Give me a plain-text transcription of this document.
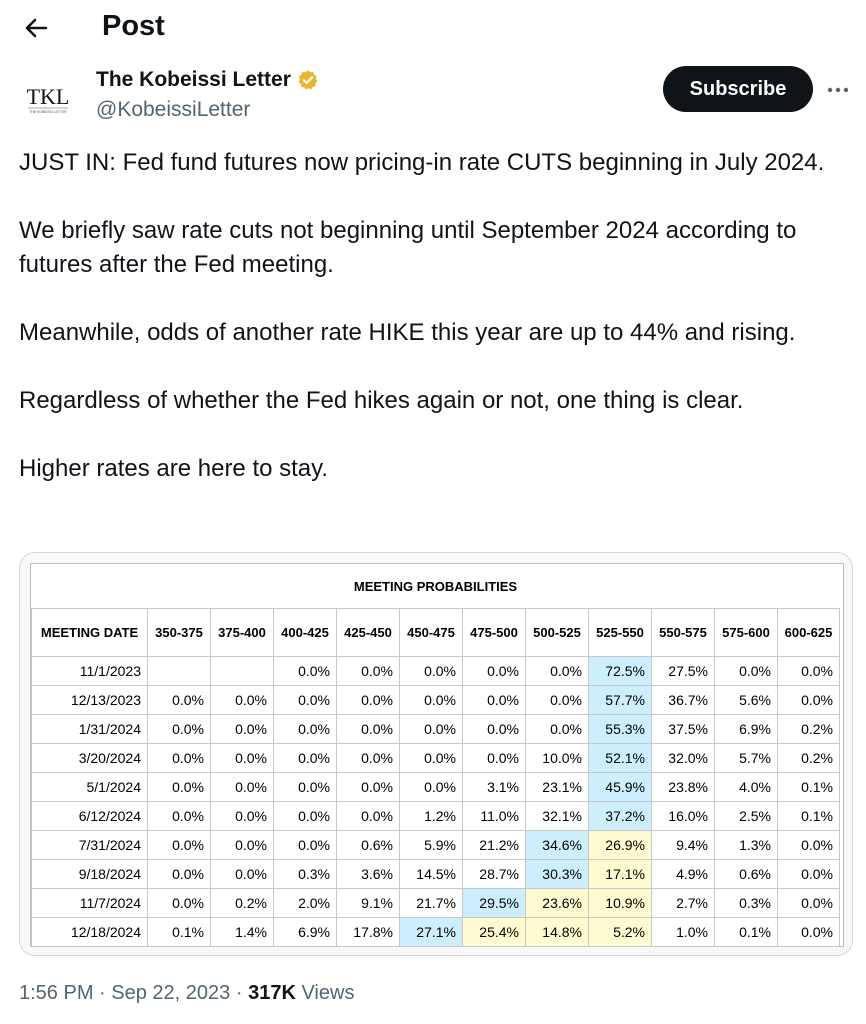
Post
TKL
THE KOBEISSI LETTER
The Kobeissi Letter
@KobeissiLetter
Subscribe

JUST IN: Fed fund futures now pricing-in rate CUTS beginning in July 2024.

We briefly saw rate cuts not beginning until September 2024 according to futures after the Fed meeting.

Meanwhile, odds of another rate HIKE this year are up to 44% and rising.

Regardless of whether the Fed hikes again or not, one thing is clear.

Higher rates are here to stay.

MEETING PROBABILITIES											
MEETING DATE	350-375	375-400	400-425	425-450	450-475	475-500	500-525	525-550	550-575	575-600	600-625
11/1/2023			0.0%	0.0%	0.0%	0.0%	0.0%	72.5%	27.5%	0.0%	0.0%
12/13/2023	0.0%	0.0%	0.0%	0.0%	0.0%	0.0%	0.0%	57.7%	36.7%	5.6%	0.0%
1/31/2024	0.0%	0.0%	0.0%	0.0%	0.0%	0.0%	0.0%	55.3%	37.5%	6.9%	0.2%
3/20/2024	0.0%	0.0%	0.0%	0.0%	0.0%	0.0%	10.0%	52.1%	32.0%	5.7%	0.2%
5/1/2024	0.0%	0.0%	0.0%	0.0%	0.0%	3.1%	23.1%	45.9%	23.8%	4.0%	0.1%
6/12/2024	0.0%	0.0%	0.0%	0.0%	1.2%	11.0%	32.1%	37.2%	16.0%	2.5%	0.1%
7/31/2024	0.0%	0.0%	0.0%	0.6%	5.9%	21.2%	34.6%	26.9%	9.4%	1.3%	0.0%
9/18/2024	0.0%	0.0%	0.3%	3.6%	14.5%	28.7%	30.3%	17.1%	4.9%	0.6%	0.0%
11/7/2024	0.0%	0.2%	2.0%	9.1%	21.7%	29.5%	23.6%	10.9%	2.7%	0.3%	0.0%
12/18/2024	0.1%	1.4%	6.9%	17.8%	27.1%	25.4%	14.8%	5.2%	1.0%	0.1%	0.0%
1:56 PM · Sep 22, 2023 · 317K Views
